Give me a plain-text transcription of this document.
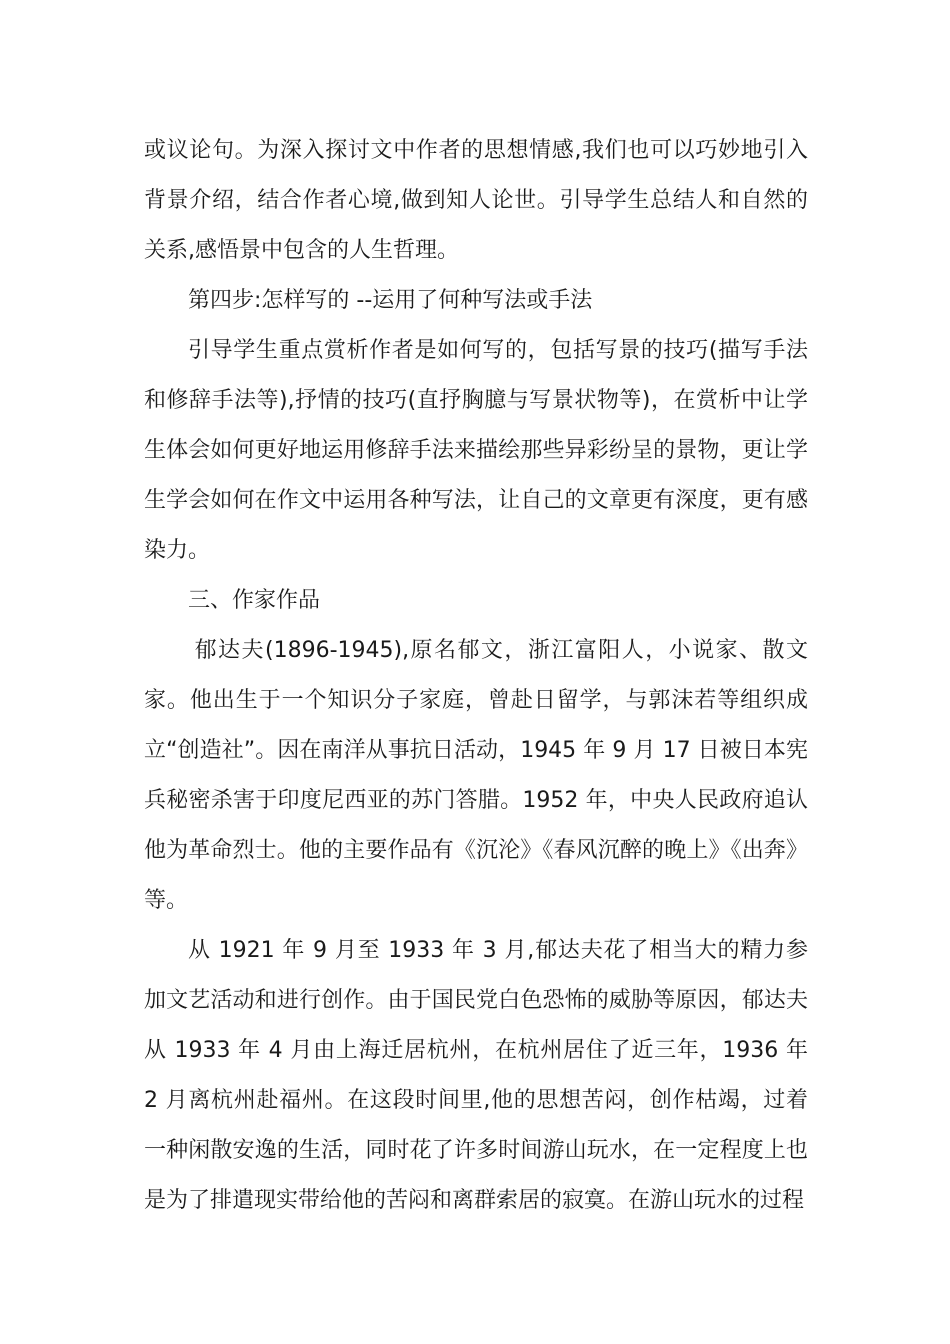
或议论句。为深入探讨文中作者的思想情感,我们也可以巧妙地引入背景介绍，结合作者心境,做到知人论世。引导学生总结人和自然的关系,感悟景中包含的人生哲理。

第四步:怎样写的 --运用了何种写法或手法

引导学生重点赏析作者是如何写的，包括写景的技巧(描写手法和修辞手法等),抒情的技巧(直抒胸臆与写景状物等)，在赏析中让学生体会如何更好地运用修辞手法来描绘那些异彩纷呈的景物，更让学生学会如何在作文中运用各种写法，让自己的文章更有深度，更有感染力。

三、作家作品

郁达夫(1896-1945),原名郁文，浙江富阳人，小说家、散文家。他出生于一个知识分子家庭，曾赴日留学，与郭沫若等组织成立“创造社”。因在南洋从事抗日活动，1945 年 9 月 17 日被日本宪兵秘密杀害于印度尼西亚的苏门答腊。1952 年，中央人民政府追认他为革命烈士。他的主要作品有《沉沦》《春风沉醉的晚上》《出奔》等。

从 1921 年 9 月至 1933 年 3 月,郁达夫花了相当大的精力参加文艺活动和进行创作。由于国民党白色恐怖的威胁等原因，郁达夫从 1933 年 4 月由上海迁居杭州，在杭州居住了近三年，1936 年 2 月离杭州赴福州。在这段时间里,他的思想苦闷，创作枯竭，过着一种闲散安逸的生活，同时花了许多时间游山玩水，在一定程度上也是为了排遣现实带给他的苦闷和离群索居的寂寞。在游山玩水的过程
